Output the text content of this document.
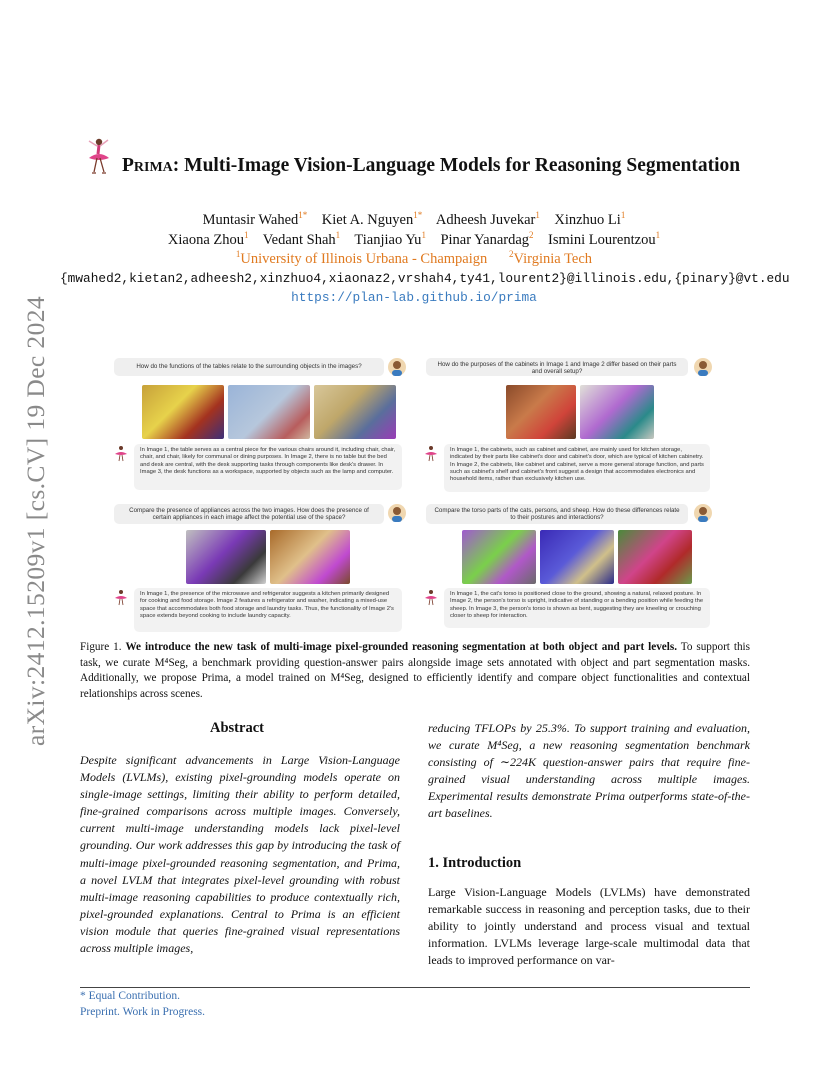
arXiv:2412.15209v1 [cs.CV] 19 Dec 2024
Prima: Multi-Image Vision-Language Models for Reasoning Segmentation
Muntasir Wahed$^{1*}$ Kiet A. Nguyen$^{1*}$ Adheesh Juvekar$^1$ Xinzhuo Li$^1$
Xiaona Zhou$^1$ Vedant Shah$^1$ Tianjiao Yu$^1$ Pinar Yanardag$^2$ Ismini Lourentzou$^1$
$^1$University of Illinois Urbana - Champaign $^2$Virginia Tech
{mwahed2,kietan2,adheesh2,xinzhuo4,xiaonaz2,vrshah4,ty41,lourent2}@illinois.edu,{pinary}@vt.edu
https://plan-lab.github.io/prima
How do the functions of the tables relate to the surrounding objects in the images?
In Image 1, the table serves as a central piece for the various chairs around it, including chair, chair, chair, and chair, likely for communal or dining purposes. In Image 2, there is no table but the bed and desk are central, with the desk supporting tasks through components like desk's drawer. In Image 3, the desk functions as a workspace, supported by objects such as the lamp and computer.
How do the purposes of the cabinets in Image 1 and Image 2 differ based on their parts and overall setup?
In Image 1, the cabinets, such as cabinet and cabinet, are mainly used for kitchen storage, indicated by their parts like cabinet's door and cabinet's door, which are typical of kitchen cabinetry. In Image 2, the cabinets, like cabinet and cabinet, serve a more general storage function, and parts such as cabinet's shelf and cabinet's front suggest a design that accommodates electronics and household items, rather than exclusively kitchen use.
Compare the presence of appliances across the two images. How does the presence of certain appliances in each image affect the potential use of the space?
In Image 1, the presence of the microwave and refrigerator suggests a kitchen primarily designed for cooking and food storage. Image 2 features a refrigerator and washer, indicating a mixed-use space that accommodates both food storage and laundry tasks. Thus, the functionality of Image 2's space extends beyond cooking to include laundry capacity.
Compare the torso parts of the cats, persons, and sheep. How do these differences relate to their postures and interactions?
In Image 1, the cat's torso is positioned close to the ground, showing a natural, relaxed posture. In Image 2, the person's torso is upright, indicative of standing or a bending position while feeding the sheep. In Image 3, the person's torso is shown as bent, suggesting they are kneeling or crouching closer to sheep for interaction.
Figure 1. We introduce the new task of multi-image pixel-grounded reasoning segmentation at both object and part levels. To support this task, we curate M⁴Seg, a benchmark providing question-answer pairs alongside image sets annotated with object and part segmentation masks. Additionally, we propose Prima, a model trained on M⁴Seg, designed to efficiently identify and compare object functionalities and contextual relationships across scenes.
Abstract
Despite significant advancements in Large Vision-Language Models (LVLMs), existing pixel-grounding models operate on single-image settings, limiting their ability to perform detailed, fine-grained comparisons across multiple images. Conversely, current multi-image understanding models lack pixel-level grounding. Our work addresses this gap by introducing the task of multi-image pixel-grounded reasoning segmentation, and Prima, a novel LVLM that integrates pixel-level grounding with robust multi-image reasoning capabilities to produce contextually rich, pixel-grounded explanations. Central to Prima is an efficient vision module that queries fine-grained visual representations across multiple images,
reducing TFLOPs by 25.3%. To support training and evaluation, we curate M⁴Seg, a new reasoning segmentation benchmark consisting of ∼224K question-answer pairs that require fine-grained visual understanding across multiple images. Experimental results demonstrate Prima outperforms state-of-the-art baselines.
1. Introduction
Large Vision-Language Models (LVLMs) have demonstrated remarkable success in reasoning and perception tasks, due to their ability to jointly understand and process visual and textual information. LVLMs leverage large-scale multimodal data that leads to improved performance on var-
* Equal Contribution.
Preprint. Work in Progress.
